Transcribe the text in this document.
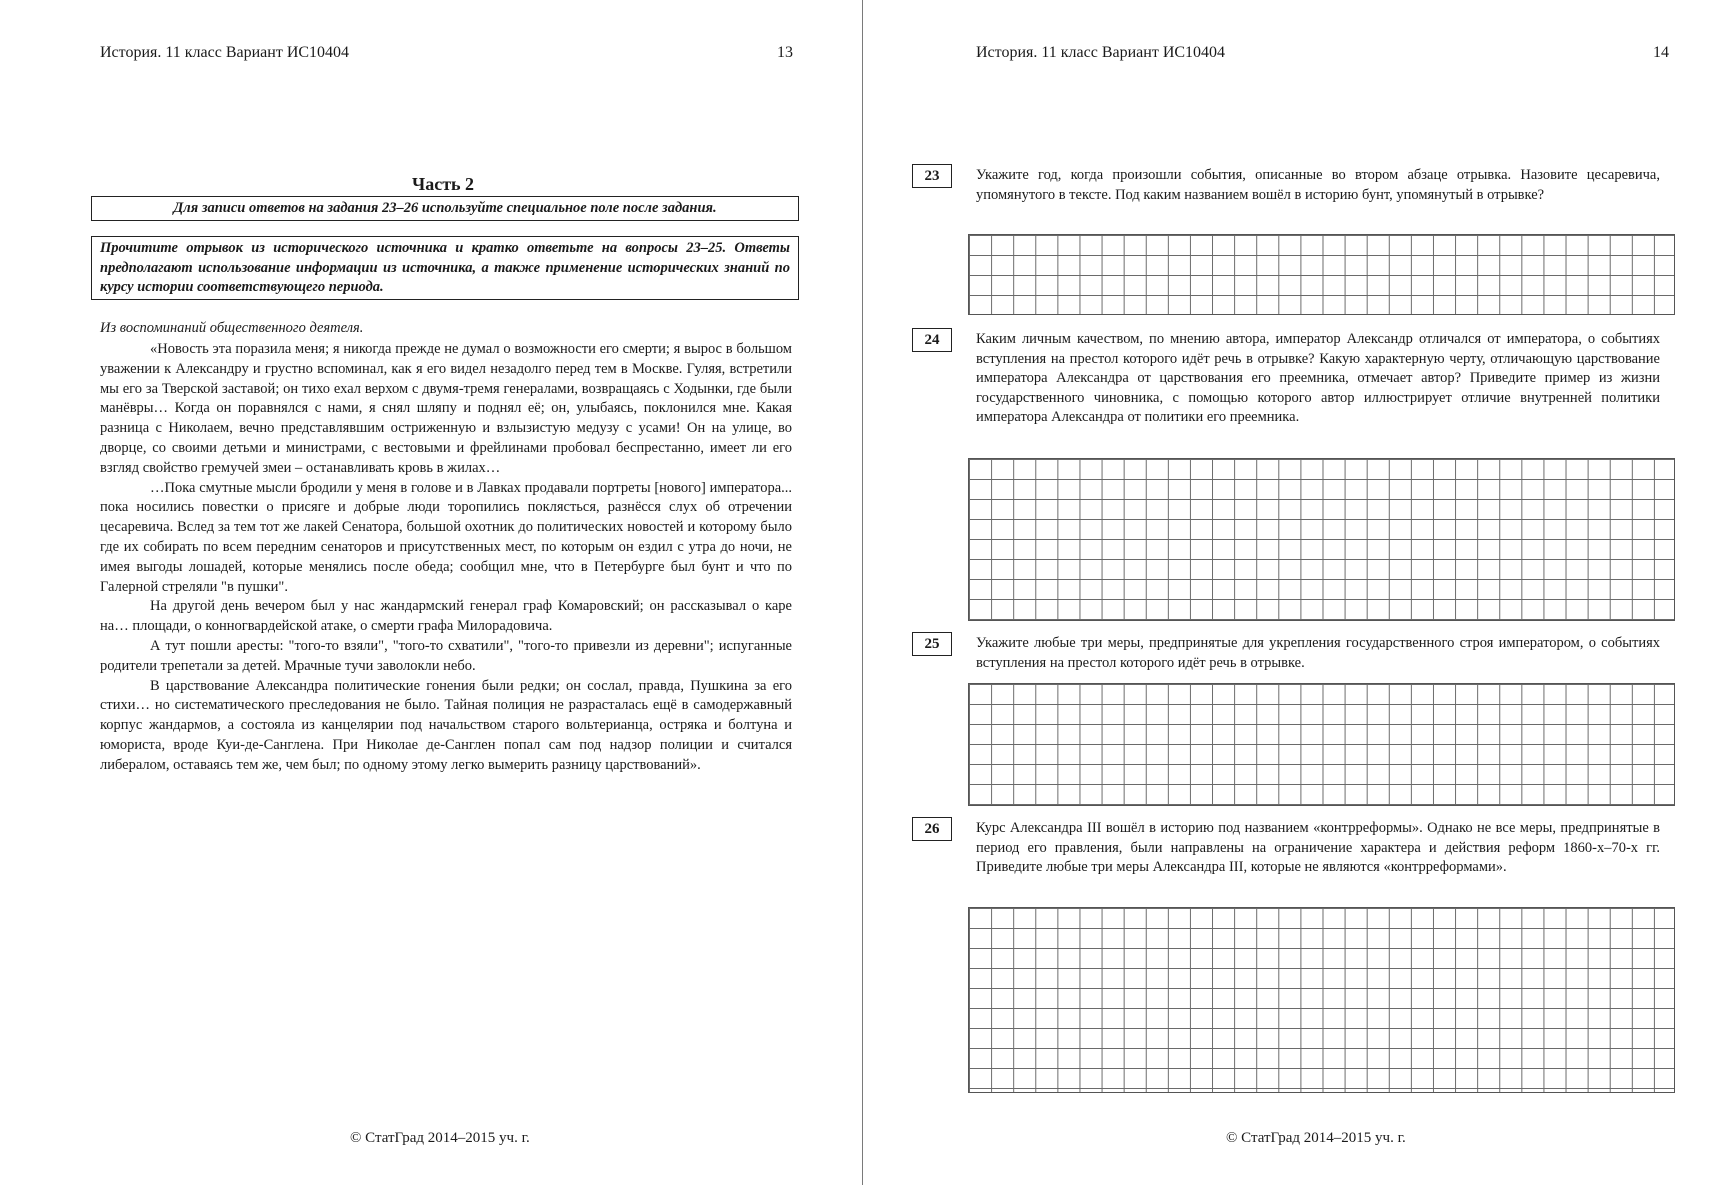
История. 11 класс Вариант ИС10404	13
Часть 2
Для записи ответов на задания 23–26 используйте специальное поле после задания.
Прочитите отрывок из исторического источника и кратко ответьте на вопросы 23–25. Ответы предполагают использование информации из источника, а также применение исторических знаний по курсу истории соответствующего периода.
Из воспоминаний общественного деятеля.

«Новость эта поразила меня; я никогда прежде не думал о возможности его смерти; я вырос в большом уважении к Александру и грустно вспоминал, как я его видел незадолго перед тем в Москве. Гуляя, встретили мы его за Тверской заставой; он тихо ехал верхом с двумя-тремя генералами, возвращаясь с Ходынки, где были манёвры… Когда он поравнялся с нами, я снял шляпу и поднял её; он, улыбаясь, поклонился мне. Какая разница с Николаем, вечно представлявшим остриженную и взлызистую медузу с усами! Он на улице, во дворце, со своими детьми и министрами, с вестовыми и фрейлинами пробовал беспрестанно, имеет ли его взгляд свойство гремучей змеи – останавливать кровь в жилах…

…Пока смутные мысли бродили у меня в голове и в Лавках продавали портреты [нового] императора... пока носились повестки о присяге и добрые люди торопились поклясться, разнёсся слух об отречении цесаревича. Вслед за тем тот же лакей Сенатора, большой охотник до политических новостей и которому было где их собирать по всем передним сенаторов и присутственных мест, по которым он ездил с утра до ночи, не имея выгоды лошадей, которые менялись после обеда; сообщил мне, что в Петербурге был бунт и что по Галерной стреляли "в пушки".

На другой день вечером был у нас жандармский генерал граф Комаровский; он рассказывал о каре на… площади, о конногвардейской атаке, о смерти графа Милорадовича.

А тут пошли аресты: "того-то взяли", "того-то схватили", "того-то привезли из деревни"; испуганные родители трепетали за детей. Мрачные тучи заволокли небо.

В царствование Александра политические гонения были редки; он сослал, правда, Пушкина за его стихи… но систематического преследования не было. Тайная полиция не разрасталась ещё в самодержавный корпус жандармов, а состояла из канцелярии под начальством старого вольтерианца, остряка и болтуна и юмориста, вроде Куи-де-Санглена. При Николае де-Санглен попал сам под надзор полиции и считался либералом, оставаясь тем же, чем был; по одному этому легко вымерить разницу царствований».

© СтатГрад 2014–2015 уч. г.
История. 11 класс Вариант ИС10404	14
23	Укажите год, когда произошли события, описанные во втором абзаце отрывка. Назовите цесаревича, упомянутого в тексте. Под каким названием вошёл в историю бунт, упомянутый в отрывке?
24	Каким личным качеством, по мнению автора, император Александр отличался от императора, о событиях вступления на престол которого идёт речь в отрывке? Какую характерную черту, отличающую царствование императора Александра от царствования его преемника, отмечает автор? Приведите пример из жизни государственного чиновника, с помощью которого автор иллюстрирует отличие внутренней политики императора Александра от политики его преемника.
25	Укажите любые три меры, предпринятые для укрепления государственного строя императором, о событиях вступления на престол которого идёт речь в отрывке.
26	Курс Александра III вошёл в историю под названием «контрреформы». Однако не все меры, предпринятые в период его правления, были направлены на ограничение характера и действия реформ 1860-х–70-х гг. Приведите любые три меры Александра III, которые не являются «контрреформами».
© СтатГрад 2014–2015 уч. г.
